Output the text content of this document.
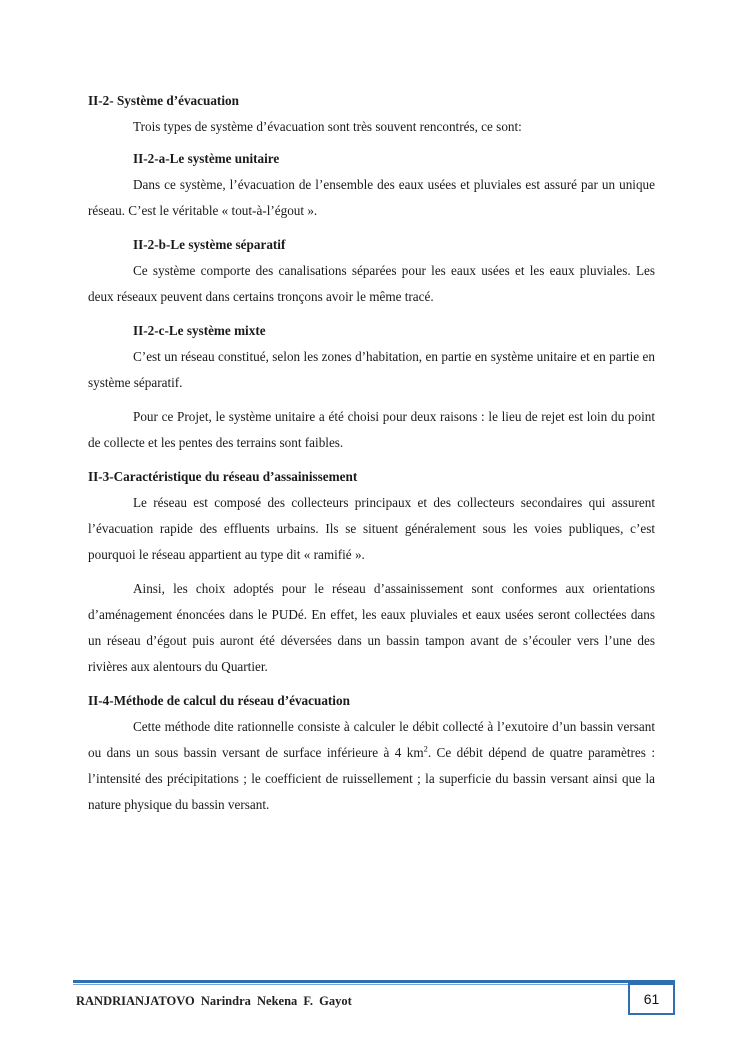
II-2- Système d’évacuation

Trois types de système d’évacuation sont très souvent rencontrés, ce sont:

II-2-a-Le système unitaire

Dans ce système, l’évacuation de l’ensemble des eaux usées et pluviales est assuré par un unique réseau. C’est le véritable « tout-à-l’égout ».

II-2-b-Le système séparatif

Ce système comporte des canalisations séparées pour les eaux usées et les eaux pluviales. Les deux réseaux peuvent dans certains tronçons avoir le même tracé.

II-2-c-Le système mixte

C’est un réseau constitué, selon les zones d’habitation, en partie en système unitaire et en partie en système séparatif.

Pour ce Projet, le système unitaire a été choisi pour deux raisons : le lieu de rejet est loin du point de collecte et les pentes des terrains sont faibles.

II-3-Caractéristique du réseau d’assainissement

Le réseau est composé des collecteurs principaux et des collecteurs secondaires qui assurent l’évacuation rapide des effluents urbains. Ils se situent généralement sous les voies publiques, c’est pourquoi le réseau appartient au type dit « ramifié ».

Ainsi, les choix adoptés pour le réseau d’assainissement sont conformes aux orientations d’aménagement énoncées dans le PUDé. En effet, les eaux pluviales et eaux usées seront collectées dans un réseau d’égout puis auront été déversées dans un bassin tampon avant de s’écouler vers l’une des rivières aux alentours du Quartier.

II-4-Méthode de calcul du réseau d’évacuation

Cette méthode dite rationnelle consiste à calculer le débit collecté à l’exutoire d’un bassin versant ou dans un sous bassin versant de surface inférieure à 4 $km^2$. Ce débit dépend de quatre paramètres : l’intensité des précipitations ; le coefficient de ruissellement ; la superficie du bassin versant ainsi que la nature physique du bassin versant.

RANDRIANJATOVO Narindra Nekena F. Gayot	61
